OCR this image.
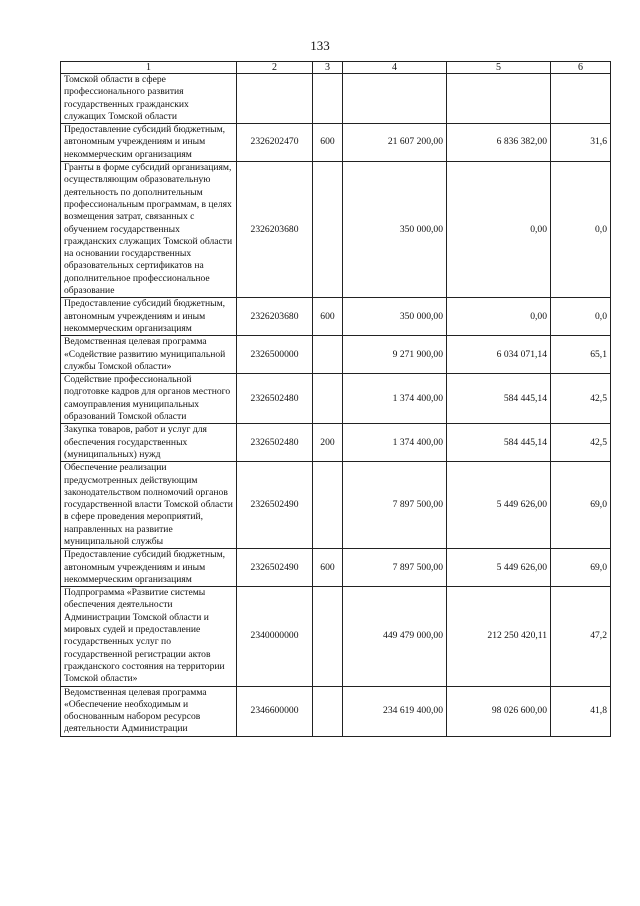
133
1	2	3	4	5	6
Томской области в сфере профессионального развития государственных гражданских служащих Томской области					
Предоставление субсидий бюджетным, автономным учреждениям и иным некоммерческим организациям	2326202470	600	21 607 200,00	6 836 382,00	31,6
Гранты в форме субсидий организациям, осуществляющим образовательную деятельность по дополнительным профессиональным программам, в целях возмещения затрат, связанных с обучением государственных гражданских служащих Томской области на основании государственных образовательных сертификатов на дополнительное профессиональное образование	2326203680		350 000,00	0,00	0,0
Предоставление субсидий бюджетным, автономным учреждениям и иным некоммерческим организациям	2326203680	600	350 000,00	0,00	0,0
Ведомственная целевая программа «Содействие развитию муниципальной службы Томской области»	2326500000		9 271 900,00	6 034 071,14	65,1
Содействие профессиональной подготовке кадров для органов местного самоуправления муниципальных образований Томской области	2326502480		1 374 400,00	584 445,14	42,5
Закупка товаров, работ и услуг для обеспечения государственных (муниципальных) нужд	2326502480	200	1 374 400,00	584 445,14	42,5
Обеспечение реализации предусмотренных действующим законодательством полномочий органов государственной власти Томской области в сфере проведения мероприятий, направленных на развитие муниципальной службы	2326502490		7 897 500,00	5 449 626,00	69,0
Предоставление субсидий бюджетным, автономным учреждениям и иным некоммерческим организациям	2326502490	600	7 897 500,00	5 449 626,00	69,0
Подпрограмма «Развитие системы обеспечения деятельности Администрации Томской области и мировых судей и предоставление государственных услуг по государственной регистрации актов гражданского состояния на территории Томской области»	2340000000		449 479 000,00	212 250 420,11	47,2
Ведомственная целевая программа «Обеспечение необходимым и обоснованным набором ресурсов деятельности Администрации	2346600000		234 619 400,00	98 026 600,00	41,8
